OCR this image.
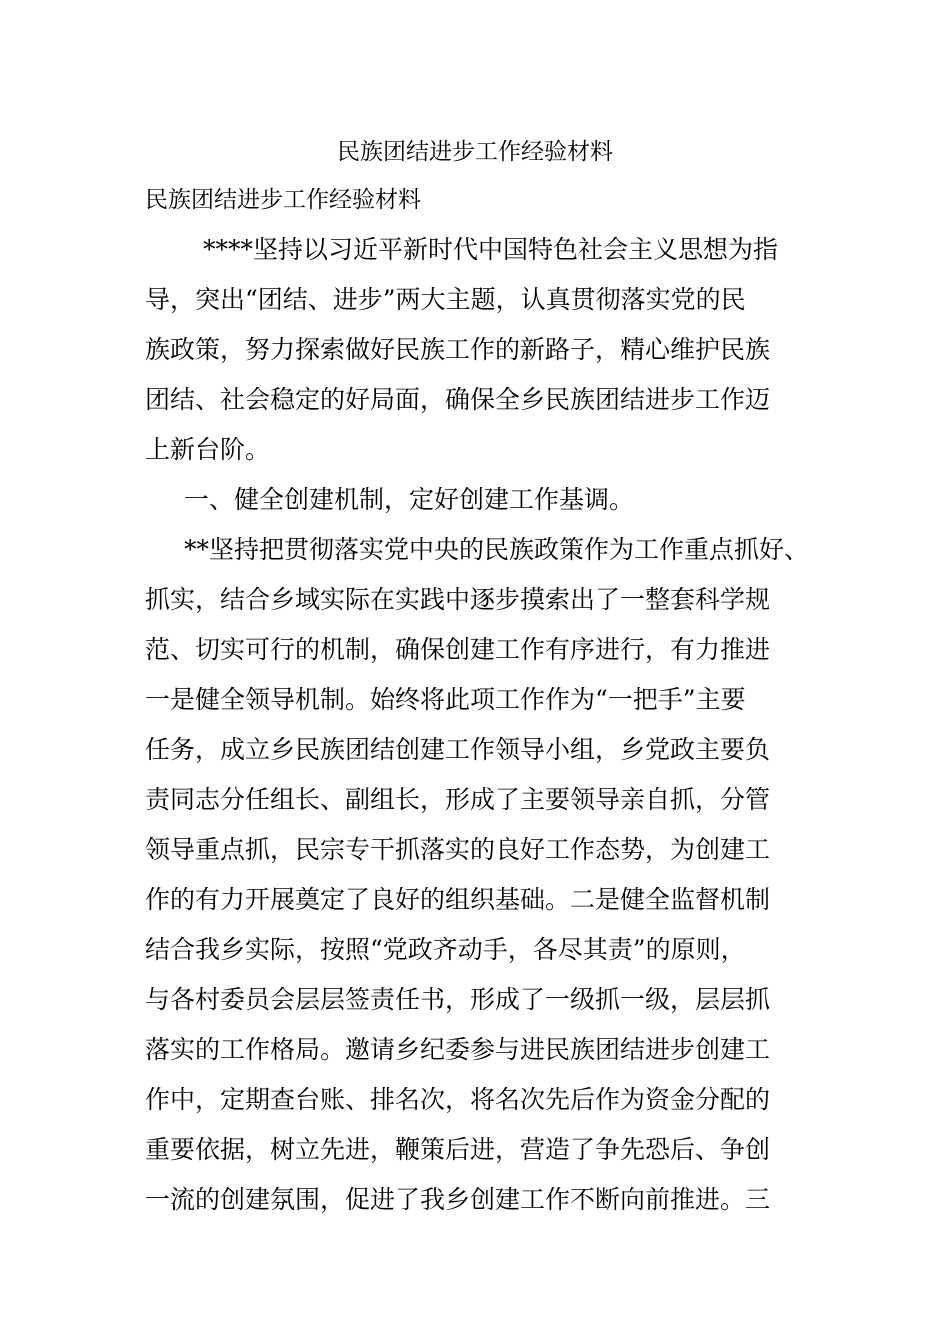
民族团结进步工作经验材料
民族团结进步工作经验材料
****坚持以习近平新时代中国特色社会主义思想为指
导，突出“团结、进步”两大主题，认真贯彻落实党的民
族政策，努力探索做好民族工作的新路子，精心维护民族
团结、社会稳定的好局面，确保全乡民族团结进步工作迈
上新台阶。
一、健全创建机制，定好创建工作基调。
**坚持把贯彻落实党中央的民族政策作为工作重点抓好、
抓实，结合乡域实际在实践中逐步摸索出了一整套科学规
范、切实可行的机制，确保创建工作有序进行，有力推进
一是健全领导机制。始终将此项工作作为“一把手”主要
任务，成立乡民族团结创建工作领导小组，乡党政主要负
责同志分任组长、副组长，形成了主要领导亲自抓，分管
领导重点抓，民宗专干抓落实的良好工作态势，为创建工
作的有力开展奠定了良好的组织基础。二是健全监督机制
结合我乡实际，按照“党政齐动手，各尽其责”的原则，
与各村委员会层层签责任书，形成了一级抓一级，层层抓
落实的工作格局。邀请乡纪委参与进民族团结进步创建工
作中，定期查台账、排名次，将名次先后作为资金分配的
重要依据，树立先进，鞭策后进，营造了争先恐后、争创
一流的创建氛围，促进了我乡创建工作不断向前推进。三
